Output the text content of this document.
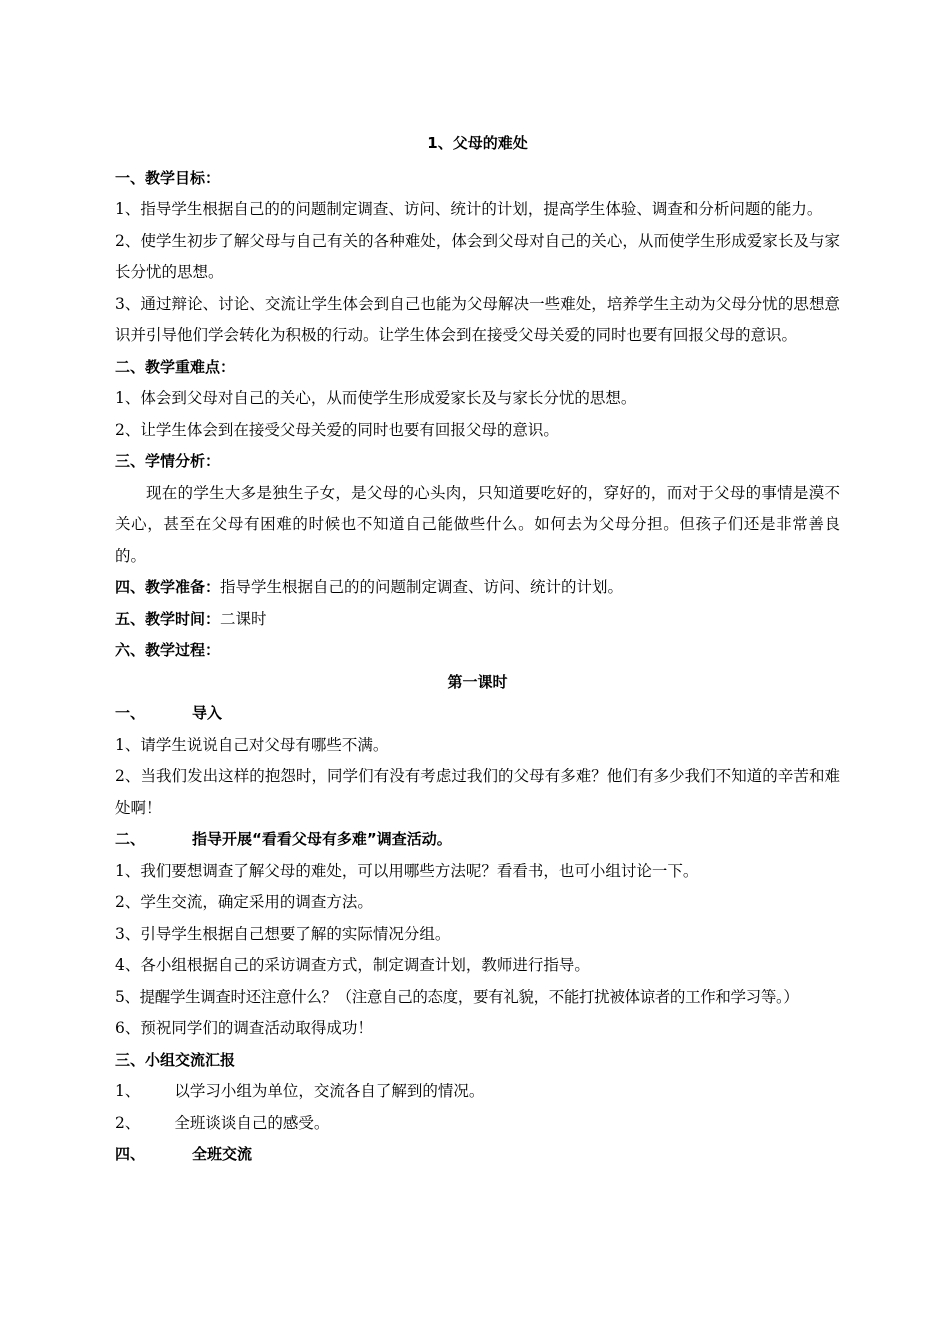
1、父母的难处

一、教学目标：

1、指导学生根据自己的的问题制定调查、访问、统计的计划，提高学生体验、调查和分析问题的能力。

2、使学生初步了解父母与自己有关的各种难处，体会到父母对自己的关心，从而使学生形成爱家长及与家长分忧的思想。

3、通过辩论、讨论、交流让学生体会到自己也能为父母解决一些难处，培养学生主动为父母分忧的思想意识并引导他们学会转化为积极的行动。让学生体会到在接受父母关爱的同时也要有回报父母的意识。

二、教学重难点：

1、体会到父母对自己的关心，从而使学生形成爱家长及与家长分忧的思想。

2、让学生体会到在接受父母关爱的同时也要有回报父母的意识。

三、学情分析：

现在的学生大多是独生子女，是父母的心头肉，只知道要吃好的，穿好的，而对于父母的事情是漠不关心，甚至在父母有困难的时候也不知道自己能做些什么。如何去为父母分担。但孩子们还是非常善良的。

四、教学准备：指导学生根据自己的的问题制定调查、访问、统计的计划。

五、教学时间：二课时

六、教学过程：

第一课时

一、	导入

1、请学生说说自己对父母有哪些不满。

2、当我们发出这样的抱怨时，同学们有没有考虑过我们的父母有多难？他们有多少我们不知道的辛苦和难处啊！

二、	指导开展“看看父母有多难”调查活动。

1、我们要想调查了解父母的难处，可以用哪些方法呢？看看书，也可小组讨论一下。

2、学生交流，确定采用的调查方法。

3、引导学生根据自己想要了解的实际情况分组。

4、各小组根据自己的采访调查方式，制定调查计划，教师进行指导。

5、提醒学生调查时还注意什么？（注意自己的态度，要有礼貌，不能打扰被体谅者的工作和学习等。）

6、预祝同学们的调查活动取得成功！

三、小组交流汇报

1、 以学习小组为单位，交流各自了解到的情况。

2、 全班谈谈自己的感受。

四、	全班交流
